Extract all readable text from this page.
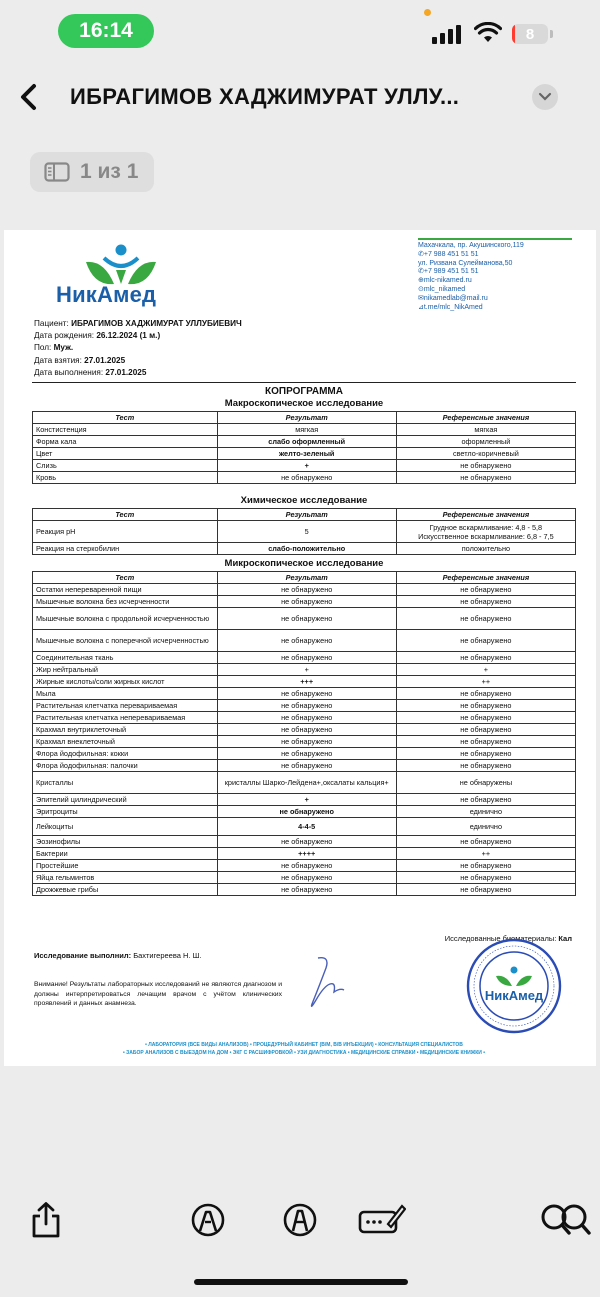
16:14	8
ИБРАГИМОВ ХАДЖИМУРАТ УЛЛУ...
1 из 1
НикАмед
Махачкала, пр. Акушинского,119
✆+7 988 451 51 51
ул. Ризвана Сулейманова,50
✆+7 989 451 51 51
⊕mlc-nikamed.ru
⊙mlc_nikamed
✉nikamedlab@mail.ru
⊿t.me/mlc_NikAmed
Пациент: ИБРАГИМОВ ХАДЖИМУРАТ УЛЛУБИЕВИЧ
Дата рождения: 26.12.2024 (1 м.)
Пол: Муж.
Дата взятия: 27.01.2025
Дата выполнения: 27.01.2025
КОПРОГРАММА
Макроскопическое исследование
Тест	Результат	Референсные значения
Констистенция	мягкая	мягкая
Форма кала	слабо оформленный	оформленный
Цвет	желто-зеленый	светло-коричневый
Слизь	+	не обнаружено
Кровь	не обнаружено	не обнаружено
Химическое исследование
Тест	Результат	Референсные значения
Реакция pH	5	Грудное вскармливание: 4,8 - 5,8
Искусственное вскармливание: 6,8 - 7,5

Реакция на стеркобилин	слабо-положительно	положительно
Микроскопическое исследование
Тест	Результат	Референсные значения
Остатки непереваренной пищи	не обнаружено	не обнаружено
Мышечные волокна без исчерченности	не обнаружено	не обнаружено
Мышечные волокна с продольной исчерченностью	не обнаружено	не обнаружено
Мышечные волокна с поперечной исчерченностью	не обнаружено	не обнаружено
Соединительная ткань	не обнаружено	не обнаружено
Жир нейтральный	+	+
Жирные кислоты/соли жирных кислот	+++	++
Мыла	не обнаружено	не обнаружено
Растительная клетчатка перевариваемая	не обнаружено	не обнаружено
Растительная клетчатка неперевариваемая	не обнаружено	не обнаружено
Крахмал внутриклеточный	не обнаружено	не обнаружено
Крахмал внеклеточный	не обнаружено	не обнаружено
Флора йодофильная: кокки	не обнаружено	не обнаружено
Флора йодофильная: палочки	не обнаружено	не обнаружено
Кристаллы	кристаллы Шарко-Лейдена+,оксалаты кальция+	не обнаружены
Эпителий цилиндрический	+	не обнаружено
Эритроциты	не обнаружено	единично
Лейкоциты	4-4-5	единично
Эозинофилы	не обнаружено	не обнаружено
Бактерии	++++	++
Простейшие	не обнаружено	не обнаружено
Яйца гельминтов	не обнаружено	не обнаружено
Дрожжевые грибы	не обнаружено	не обнаружено
Исследованные биоматериалы: Кал
Исследование выполнил: Бахтигереева Н. Ш.
Внимание! Результаты лабораторных исследований не являются диагнозом и должны интерпретироваться лечащим врачом с учётом клинических проявлений и данных анамнеза.
НикАмед
• ЛАБОРАТОРИЯ (ВСЕ ВИДЫ АНАЛИЗОВ) • ПРОЦЕДУРНЫЙ КАБИНЕТ (В/М, В/В ИНЪЕКЦИИ) • КОНСУЛЬТАЦИЯ СПЕЦИАЛИСТОВ
• ЗАБОР АНАЛИЗОВ С ВЫЕЗДОМ НА ДОМ • ЭКГ С РАСШИФРОВКОЙ • УЗИ ДИАГНОСТИКА • МЕДИЦИНСКИЕ СПРАВКИ • МЕДИЦИНСКИЕ КНИЖКИ •
